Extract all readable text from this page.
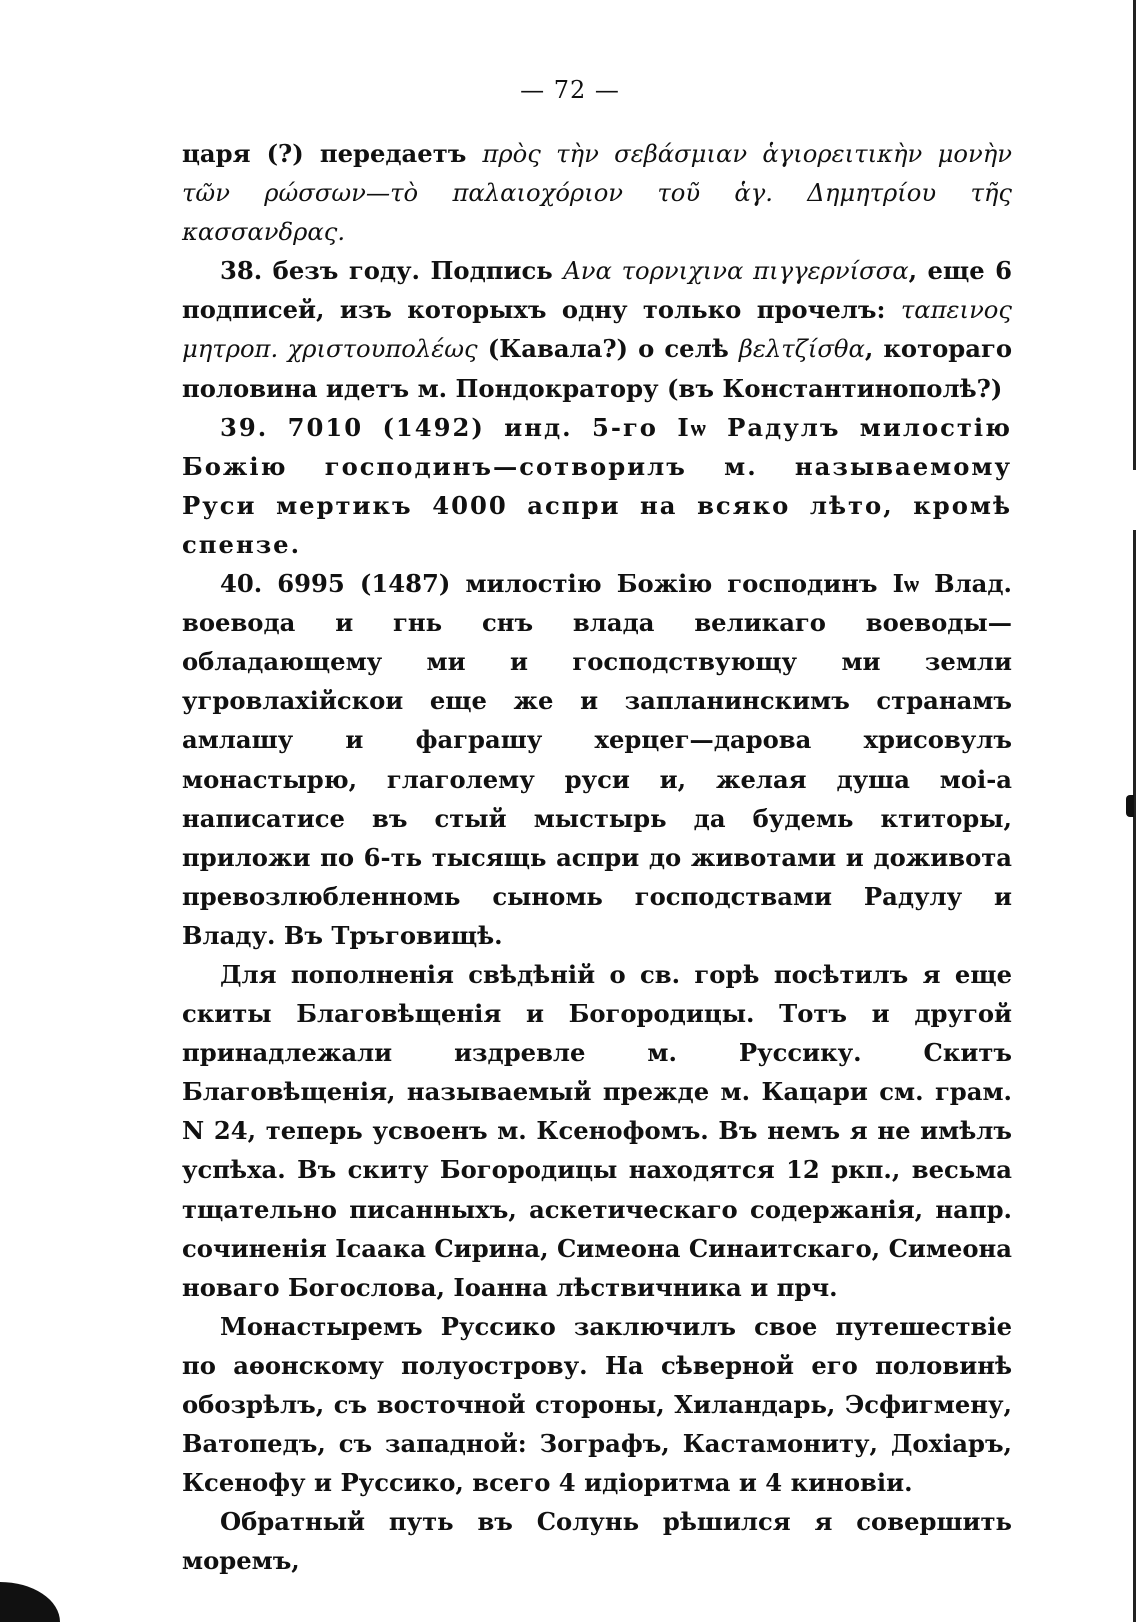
— 72 —

царя (?) передаетъ πρὸς τὴν σεβάσμιαν ἁγιορειτικὴν μονὴν τῶν ρώσσων—τὸ παλαιοχόριον τοῦ ἁγ. Δημητρίου τῆς κασσανδρας.

38. безъ году. Подпись Ανα τορνιχινα πιγγερνίσσα, еще 6 подписей, изъ которыхъ одну только прочелъ: ταπεινος μητροπ. χριστουπολέως (Кавала?) о селѣ βελτζίσθα, котораго половина идетъ м. Пондократору (въ Константинополѣ?)

39. 7010 (1492) инд. 5-го Іѡ Радулъ милостію Божію господинъ—сотворилъ м. называемому Руси мертикъ 4000 аспри на всяко лѣто, кромѣ спензе.

40. 6995 (1487) милостію Божію господинъ Іѡ Влад. воевода и гнь снъ влада великаго воеводы—обладающему ми и господствующу ми земли угровлахійскои еще же и запланинскимъ странамъ амлашу и фаграшу херцег—дарова хрисовулъ монастырю, глаголему руси и, желая душа моі-а написатисе въ стый мыстырь да будемь ктиторы, приложи по 6-ть тысящь аспри до животами и доживота превозлюбленномь сыномь господствами Радулу и Владу. Въ Тръговищѣ.

Для пополненія свѣдѣній о св. горѣ посѣтилъ я еще скиты Благовѣщенія и Богородицы. Тотъ и другой принадлежали издревле м. Руссику. Скитъ Благовѣщенія, называемый прежде м. Кацари см. грам. N 24, теперь усвоенъ м. Ксенофомъ. Въ немъ я не имѣлъ успѣха. Въ скиту Богородицы находятся 12 ркп., весьма тщательно писанныхъ, аскетическаго содержанія, напр. сочиненія Ісаака Сирина, Симеона Синаитскаго, Симеона новаго Богослова, Іоанна лѣствичника и прч.

Монастыремъ Руссико заключилъ свое путешествіе по аѳонскому полуострову. На сѣверной его половинѣ обозрѣлъ, съ восточной стороны, Хиландарь, Эсфигмену, Ватопедъ, съ западной: Зографъ, Кастамониту, Дохіаръ, Ксенофу и Руссико, всего 4 идіоритма и 4 киновіи.

Обратный путь въ Солунь рѣшился я совершить моремъ,
